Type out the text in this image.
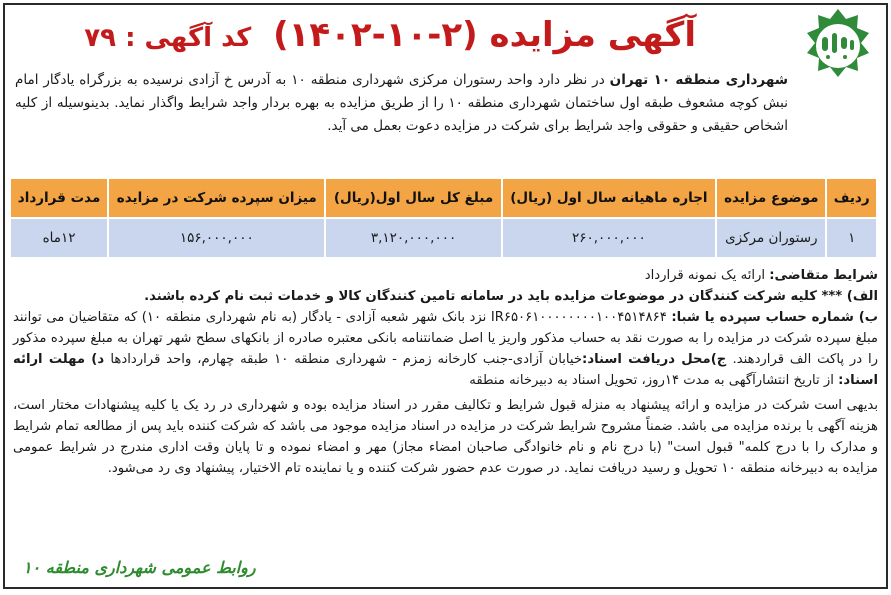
آگهی مزایده (۲-۱۰-۱۴۰۲) کد آگهی : ۷۹
شهرداری منطقه ۱۰ تهران در نظر دارد واحد رستوران مرکزی شهرداری منطقه ۱۰ به آدرس خ آزادی نرسیده به بزرگراه یادگار امام نبش کوچه مشعوف طبقه اول ساختمان شهرداری منطقه ۱۰ را از طریق مزایده به بهره بردار واجد شرایط واگذار نماید. بدینوسیله از کلیه اشخاص حقیقی و حقوقی واجد شرایط برای شرکت در مزایده دعوت بعمل می آید.
ردیف	موضوع مزایده	اجاره ماهیانه سال اول (ریال)	مبلغ کل سال اول(ریال)	میزان سپرده شرکت در مزایده	مدت قرارداد
۱	رستوران مرکزی	۲۶۰,۰۰۰,۰۰۰	۳,۱۲۰,۰۰۰,۰۰۰	۱۵۶,۰۰۰,۰۰۰	۱۲ماه

شرایط متقاضی: ارائه یک نمونه قرارداد

الف) *** کلیه شرکت کنندگان در موضوعات مزایده باید در سامانه تامین کنندگان کالا و خدمات ثبت نام کرده باشند.

ب) شماره حساب سپرده یا شبا: IR۶۵۰۶۱۰۰۰۰۰۰۰۰۱۰۰۴۵۱۴۸۶۴ نزد بانک شهر شعبه آزادی - یادگار (به نام شهرداری منطقه ۱۰) که متقاضیان می توانند مبلغ سپرده شرکت در مزایده را به صورت نقد به حساب مذکور واریز یا اصل ضمانتنامه بانکی معتبره صادره از بانکهای سطح شهر تهران به مبلغ سپرده مذکور را در پاکت الف قراردهند. ج)محل دریافت اسناد:خیابان آزادی-جنب کارخانه زمزم - شهرداری منطقه ۱۰ طبقه چهارم، واحد قراردادها د) مهلت ارائه اسناد: از تاریخ انتشارآگهی به مدت ۱۴روز، تحویل اسناد به دبیرخانه منطقه

بدیهی است شرکت در مزایده و ارائه پیشنهاد به منزله قبول شرایط و تکالیف مقرر در اسناد مزایده بوده و شهرداری در رد یک یا کلیه پیشنهادات مختار است، هزینه آگهی با برنده مزایده می باشد. ضمناً مشروح شرایط شرکت در مزایده در اسناد مزایده موجود می باشد که شرکت کننده باید پس از مطالعه تمام شرایط و مدارک را با درج کلمه" قبول است" (با درج نام و نام خانوادگی صاحبان امضاء مجاز) مهر و امضاء نموده و تا پایان وقت اداری مندرج در شرایط عمومی مزایده به دبیرخانه منطقه ۱۰ تحویل و رسید دریافت نماید. در صورت عدم حضور شرکت کننده و یا نماینده تام الاختیار، پیشنهاد وی رد می‌شود.

روابط عمومی شهرداری منطقه ۱۰
